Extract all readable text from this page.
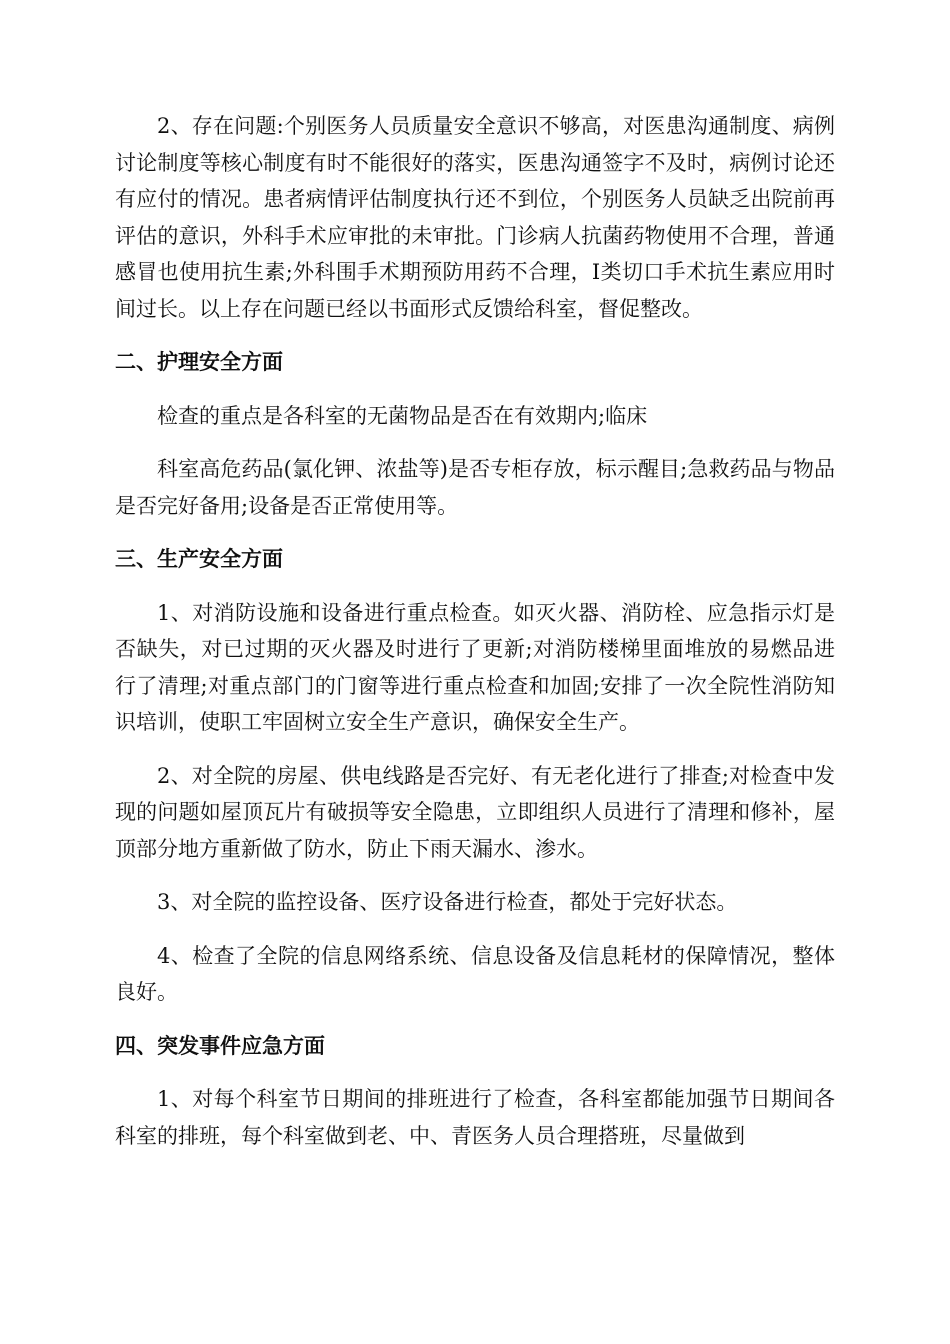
2、存在问题:个别医务人员质量安全意识不够高，对医患沟通制度、病例讨论制度等核心制度有时不能很好的落实，医患沟通签字不及时，病例讨论还有应付的情况。患者病情评估制度执行还不到位，个别医务人员缺乏出院前再评估的意识，外科手术应审批的未审批。门诊病人抗菌药物使用不合理，普通感冒也使用抗生素;外科围手术期预防用药不合理，Ⅰ类切口手术抗生素应用时间过长。以上存在问题已经以书面形式反馈给科室，督促整改。

二、护理安全方面

检查的重点是各科室的无菌物品是否在有效期内;临床

科室高危药品(氯化钾、浓盐等)是否专柜存放，标示醒目;急救药品与物品是否完好备用;设备是否正常使用等。

三、生产安全方面

1、对消防设施和设备进行重点检查。如灭火器、消防栓、应急指示灯是否缺失，对已过期的灭火器及时进行了更新;对消防楼梯里面堆放的易燃品进行了清理;对重点部门的门窗等进行重点检查和加固;安排了一次全院性消防知识培训，使职工牢固树立安全生产意识，确保安全生产。

2、对全院的房屋、供电线路是否完好、有无老化进行了排查;对检查中发现的问题如屋顶瓦片有破损等安全隐患，立即组织人员进行了清理和修补，屋顶部分地方重新做了防水，防止下雨天漏水、渗水。

3、对全院的监控设备、医疗设备进行检查，都处于完好状态。

4、检查了全院的信息网络系统、信息设备及信息耗材的保障情况，整体良好。

四、突发事件应急方面

1、对每个科室节日期间的排班进行了检查，各科室都能加强节日期间各科室的排班，每个科室做到老、中、青医务人员合理搭班，尽量做到
